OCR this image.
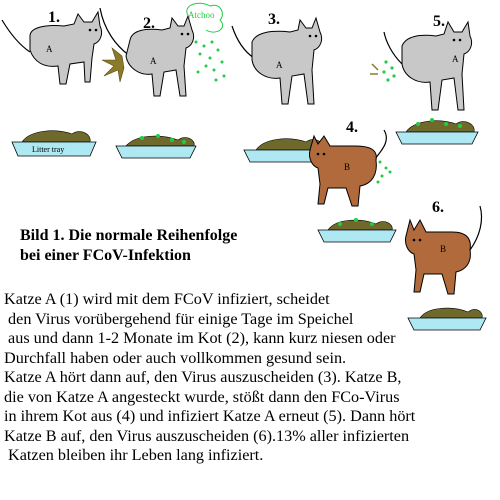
1.
A
Litter tray
2.
A
Atchoo	3.
A
5.
A
4.
B
6.
B
Bild 1. Die normale Reihenfolge
bei einer FCoV-Infektion
Katze A (1) wird mit dem FCoV infiziert, scheidet
den Virus vorübergehend für einige Tage im Speichel
aus und dann 1-2 Monate im Kot (2), kann kurz niesen oder
Durchfall haben oder auch vollkommen gesund sein.
Katze A hört dann auf, den Virus auszuscheiden (3). Katze B,
die von Katze A angesteckt wurde, stößt dann den FCo-Virus
in ihrem Kot aus (4) und infiziert Katze A erneut (5). Dann hört
Katze B auf, den Virus auszuscheiden (6).13% aller infizierten
Katzen bleiben ihr Leben lang infiziert.
